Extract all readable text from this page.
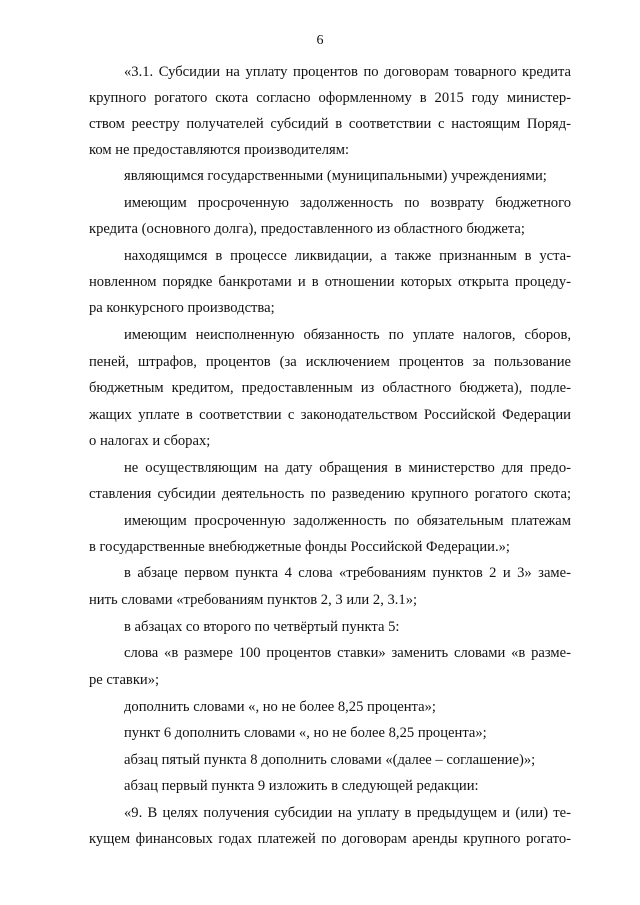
6
«3.1. Субсидии на уплату процентов по договорам товарного кредита
крупного рогатого скота согласно оформленному в 2015 году министер-
ством реестру получателей субсидий в соответствии с настоящим Поряд-
ком не предоставляются производителям:
являющимся государственными (муниципальными) учреждениями;
имеющим просроченную задолженность по возврату бюджетного
кредита (основного долга), предоставленного из областного бюджета;
находящимся в процессе ликвидации, а также признанным в уста-
новленном порядке банкротами и в отношении которых открыта процеду-
ра конкурсного производства;
имеющим неисполненную обязанность по уплате налогов, сборов,
пеней, штрафов, процентов (за исключением процентов за пользование
бюджетным кредитом, предоставленным из областного бюджета), подле-
жащих уплате в соответствии с законодательством Российской Федерации
о налогах и сборах;
не осуществляющим на дату обращения в министерство для предо-
ставления субсидии деятельность по разведению крупного рогатого скота;
имеющим просроченную задолженность по обязательным платежам
в государственные внебюджетные фонды Российской Федерации.»;
в абзаце первом пункта 4 слова «требованиям пунктов 2 и 3» заме-
нить словами «требованиям пунктов 2, 3 или 2, 3.1»;
в абзацах со второго по четвёртый пункта 5:
слова «в размере 100 процентов ставки» заменить словами «в разме-
ре ставки»;
дополнить словами «, но не более 8,25 процента»;
пункт 6 дополнить словами «, но не более 8,25 процента»;
абзац пятый пункта 8 дополнить словами «(далее – соглашение)»;
абзац первый пункта 9 изложить в следующей редакции:
«9. В целях получения субсидии на уплату в предыдущем и (или) те-
кущем финансовых годах платежей по договорам аренды крупного рогато-
